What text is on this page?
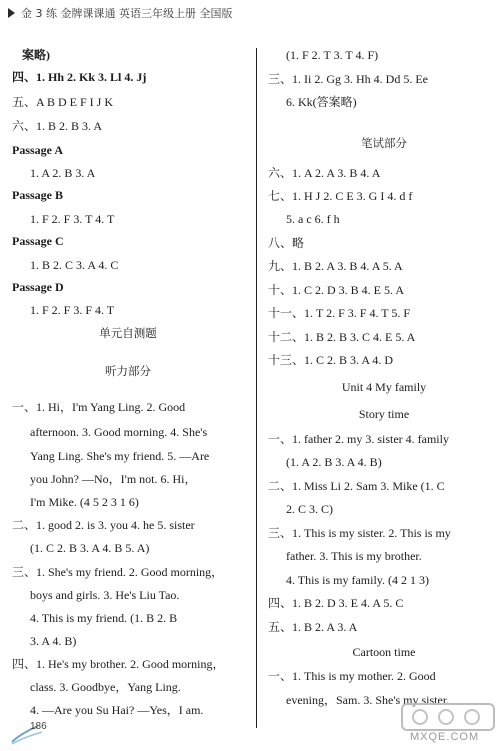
金 3 练 金牌课课通 英语三年级上册 全国版
案略)
四、1. Hh 2. Kk 3. Ll 4. Jj
五、A B D E F I J K
六、1. B 2. B 3. A
Passage A
1. A 2. B 3. A
Passage B
1. F 2. F 3. T 4. T
Passage C
1. B 2. C 3. A 4. C
Passage D
1. F 2. F 3. F 4. T
一、1. Hi，I'm Yang Ling. 2. Good
afternoon. 3. Good morning. 4. She's
Yang Ling. She's my friend. 5. —Are
you John? —No，I'm not. 6. Hi，
I'm Mike. (4 5 2 3 1 6)
二、1. good 2. is 3. you 4. he 5. sister
(1. C 2. B 3. A 4. B 5. A)
三、1. She's my friend. 2. Good morning，
boys and girls. 3. He's Liu Tao.
4. This is my friend. (1. B 2. B
3. A 4. B)
四、1. He's my brother. 2. Good morning，
class. 3. Goodbye，Yang Ling.
4. —Are you Su Hai? —Yes，I am.
单元自测题
听力部分
(1. F 2. T 3. T 4. F)
三、1. Ii 2. Gg 3. Hh 4. Dd 5. Ee
6. Kk(答案略)
六、1. A 2. A 3. B 4. A
七、1. H J 2. C E 3. G I 4. d f
5. a c 6. f h
八、略
九、1. B 2. A 3. B 4. A 5. A
十、1. C 2. D 3. B 4. E 5. A
十一、1. T 2. F 3. F 4. T 5. F
十二、1. B 2. B 3. C 4. E 5. A
十三、1. C 2. B 3. A 4. D
一、1. father 2. my 3. sister 4. family
(1. A 2. B 3. A 4. B)
二、1. Miss Li 2. Sam 3. Mike (1. C
2. C 3. C)
三、1. This is my sister. 2. This is my
father. 3. This is my brother.
4. This is my family. (4 2 1 3)
四、1. B 2. D 3. E 4. A 5. C
五、1. B 2. A 3. A
一、1. This is my mother. 2. Good
evening，Sam. 3. She's my sister.
笔试部分
Unit 4 My family
Story time
Cartoon time
186
MXQE.COM
